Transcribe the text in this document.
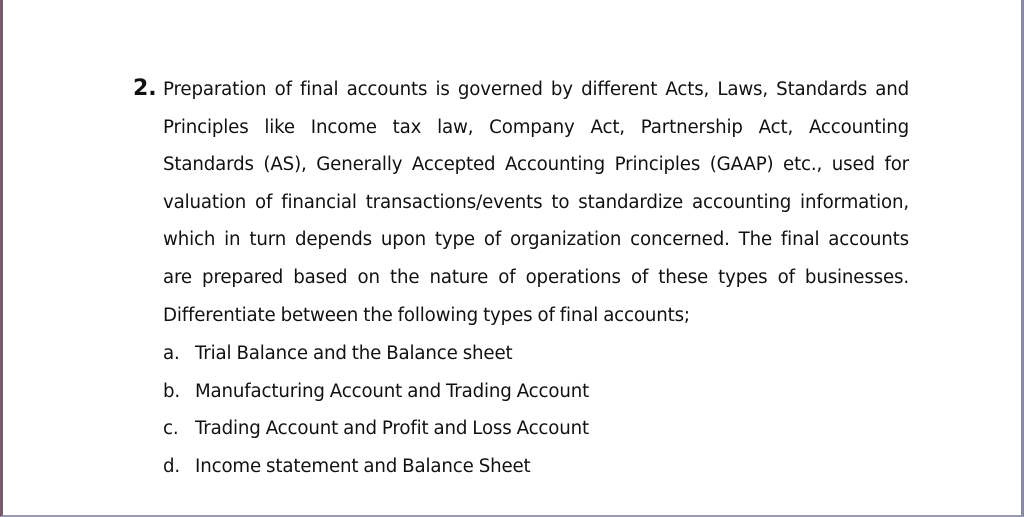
2. Preparation of final accounts is governed by different Acts, Laws, Standards and
Principles like Income tax law, Company Act, Partnership Act, Accounting
Standards (AS), Generally Accepted Accounting Principles (GAAP) etc., used for
valuation of financial transactions/events to standardize accounting information,
which in turn depends upon type of organization concerned. The final accounts
are prepared based on the nature of operations of these types of businesses.
Differentiate between the following types of final accounts;
a. Trial Balance and the Balance sheet
b. Manufacturing Account and Trading Account
c. Trading Account and Profit and Loss Account
d. Income statement and Balance Sheet
